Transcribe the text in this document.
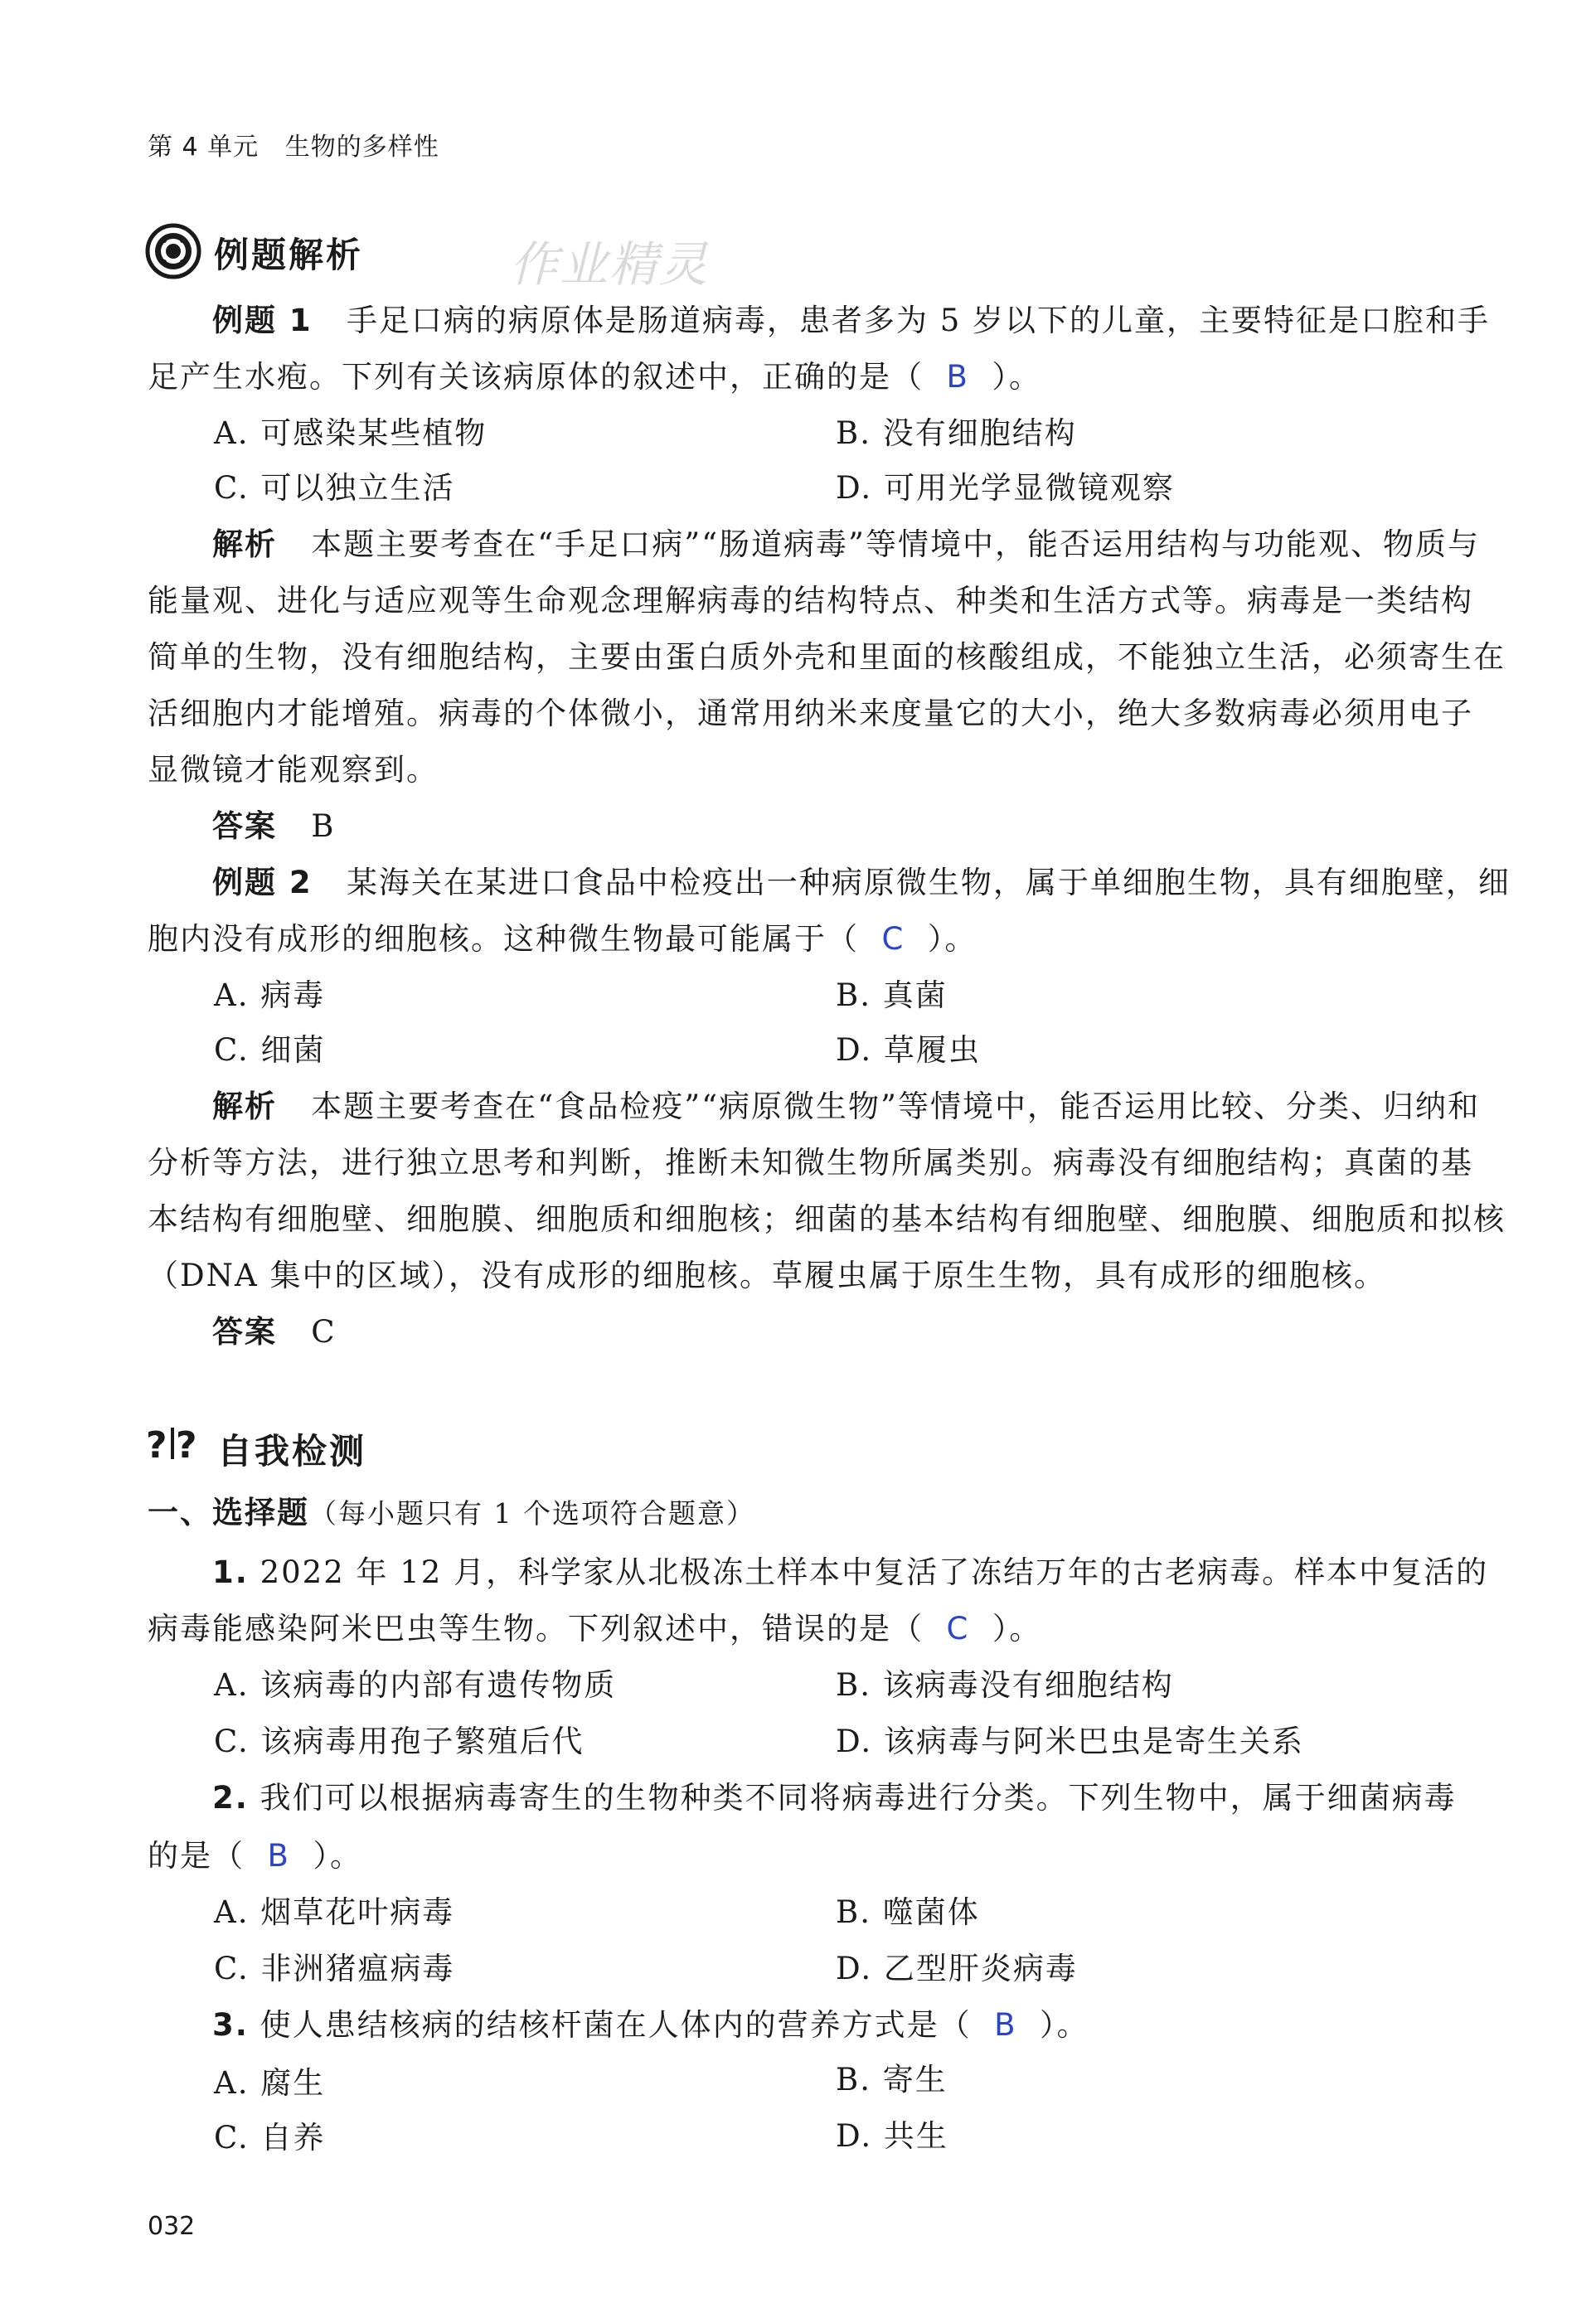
第 4 单元 生物的多样性
例题解析	作业精灵
例题 1 手足口病的病原体是肠道病毒，患者多为 5 岁以下的儿童，主要特征是口腔和手
足产生水疱。下列有关该病原体的叙述中，正确的是（ B ）。
A. 可感染某些植物	B. 没有细胞结构
C. 可以独立生活	D. 可用光学显微镜观察
解析 本题主要考查在“手足口病”“肠道病毒”等情境中，能否运用结构与功能观、物质与
能量观、进化与适应观等生命观念理解病毒的结构特点、种类和生活方式等。病毒是一类结构
简单的生物，没有细胞结构，主要由蛋白质外壳和里面的核酸组成，不能独立生活，必须寄生在
活细胞内才能增殖。病毒的个体微小，通常用纳米来度量它的大小，绝大多数病毒必须用电子
显微镜才能观察到。
答案 B
例题 2 某海关在某进口食品中检疫出一种病原微生物，属于单细胞生物，具有细胞壁，细
胞内没有成形的细胞核。这种微生物最可能属于（ C ）。
A. 病毒	B. 真菌
C. 细菌	D. 草履虫
解析 本题主要考查在“食品检疫”“病原微生物”等情境中，能否运用比较、分类、归纳和
分析等方法，进行独立思考和判断，推断未知微生物所属类别。病毒没有细胞结构；真菌的基
本结构有细胞壁、细胞膜、细胞质和细胞核；细菌的基本结构有细胞壁、细胞膜、细胞质和拟核
（DNA 集中的区域），没有成形的细胞核。草履虫属于原生生物，具有成形的细胞核。
答案 C
? ? 自我检测
一、选择题（每小题只有 1 个选项符合题意）
1. 2022 年 12 月，科学家从北极冻土样本中复活了冻结万年的古老病毒。样本中复活的
病毒能感染阿米巴虫等生物。下列叙述中，错误的是（ C ）。
A. 该病毒的内部有遗传物质	B. 该病毒没有细胞结构
C. 该病毒用孢子繁殖后代	D. 该病毒与阿米巴虫是寄生关系
2. 我们可以根据病毒寄生的生物种类不同将病毒进行分类。下列生物中，属于细菌病毒
的是（ B ）。
A. 烟草花叶病毒	B. 噬菌体
C. 非洲猪瘟病毒	D. 乙型肝炎病毒
3. 使人患结核病的结核杆菌在人体内的营养方式是（ B ）。
A. 腐生	B. 寄生
C. 自养	D. 共生
032
